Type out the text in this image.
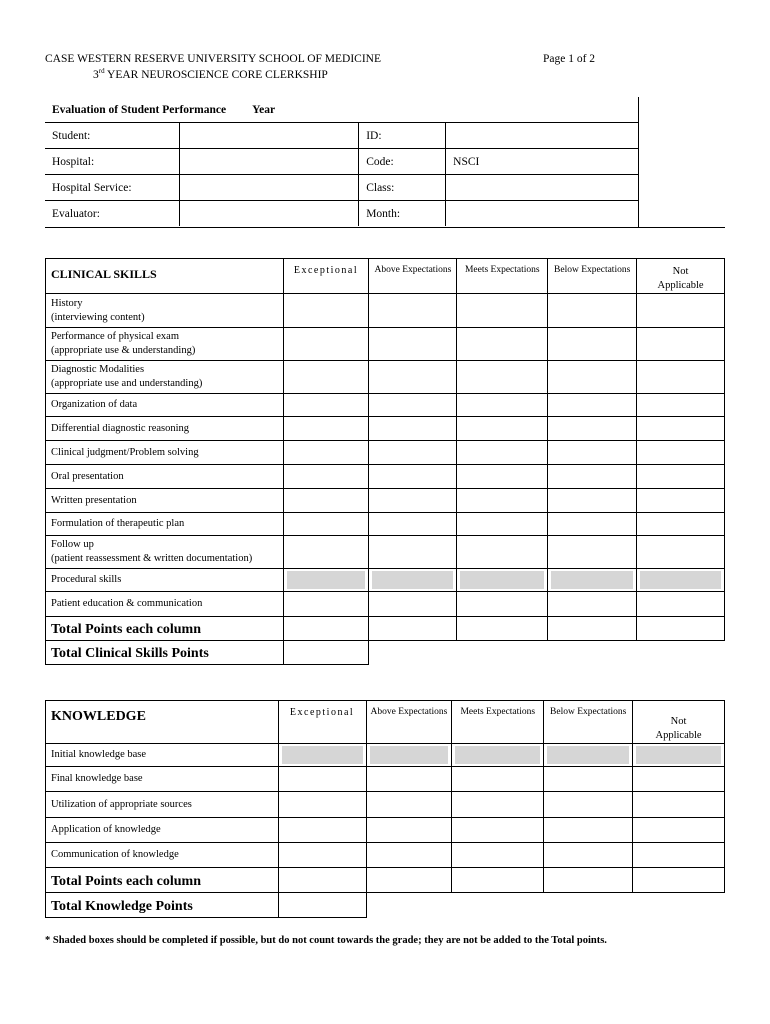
CASE WESTERN RESERVE UNIVERSITY SCHOOL OF MEDICINE
3rd YEAR NEUROSCIENCE CORE CLERKSHIP
Page 1 of 2
Evaluation of Student Performance Year			
Student:		ID:	
Hospital:		Code:	NSCI
Hospital Service:		Class:	
Evaluator:		Month:	
CLINICAL SKILLS	Exceptional	Above Expectations	Meets Expectations	Below Expectations	Not
Applicable
History
(interviewing content)					
Performance of physical exam
(appropriate use & understanding)					
Diagnostic Modalities
(appropriate use and understanding)					
Organization of data					
Differential diagnostic reasoning					
Clinical judgment/Problem solving					
Oral presentation					
Written presentation					
Formulation of therapeutic plan					
Follow up
(patient reassessment & written documentation)					
Procedural skills					
Patient education & communication					
Total Points each column					
Total Clinical Skills Points					
KNOWLEDGE	Exceptional	Above Expectations	Meets Expectations	Below Expectations	Not
Applicable
Initial knowledge base					
Final knowledge base					
Utilization of appropriate sources					
Application of knowledge					
Communication of knowledge					
Total Points each column					
Total Knowledge Points					
* Shaded boxes should be completed if possible, but do not count towards the grade; they are not be added to the Total points.
